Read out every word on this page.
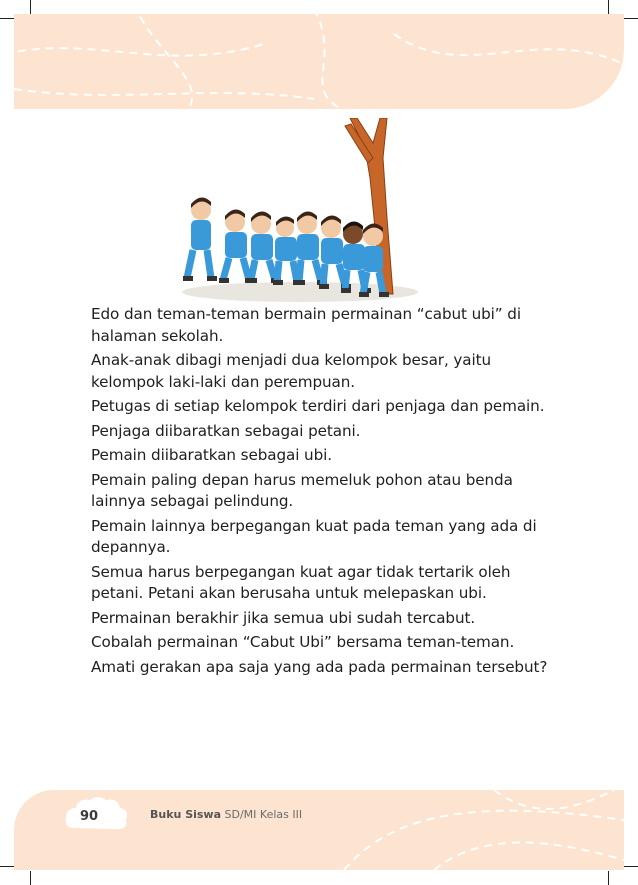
Edo dan teman-teman bermain permainan “cabut ubi” di halaman sekolah.

Anak-anak dibagi menjadi dua kelompok besar, yaitu kelompok laki-laki dan perempuan.

Petugas di setiap kelompok terdiri dari penjaga dan pemain.

Penjaga diibaratkan sebagai petani.

Pemain diibaratkan sebagai ubi.

Pemain paling depan harus memeluk pohon atau benda lainnya sebagai pelindung.

Pemain lainnya berpegangan kuat pada teman yang ada di depannya.

Semua harus berpegangan kuat agar tidak tertarik oleh petani. Petani akan berusaha untuk melepaskan ubi.

Permainan berakhir jika semua ubi sudah tercabut.

Cobalah permainan “Cabut Ubi” bersama teman-teman.

Amati gerakan apa saja yang ada pada permainan tersebut?

90	Buku Siswa SD/MI Kelas III
